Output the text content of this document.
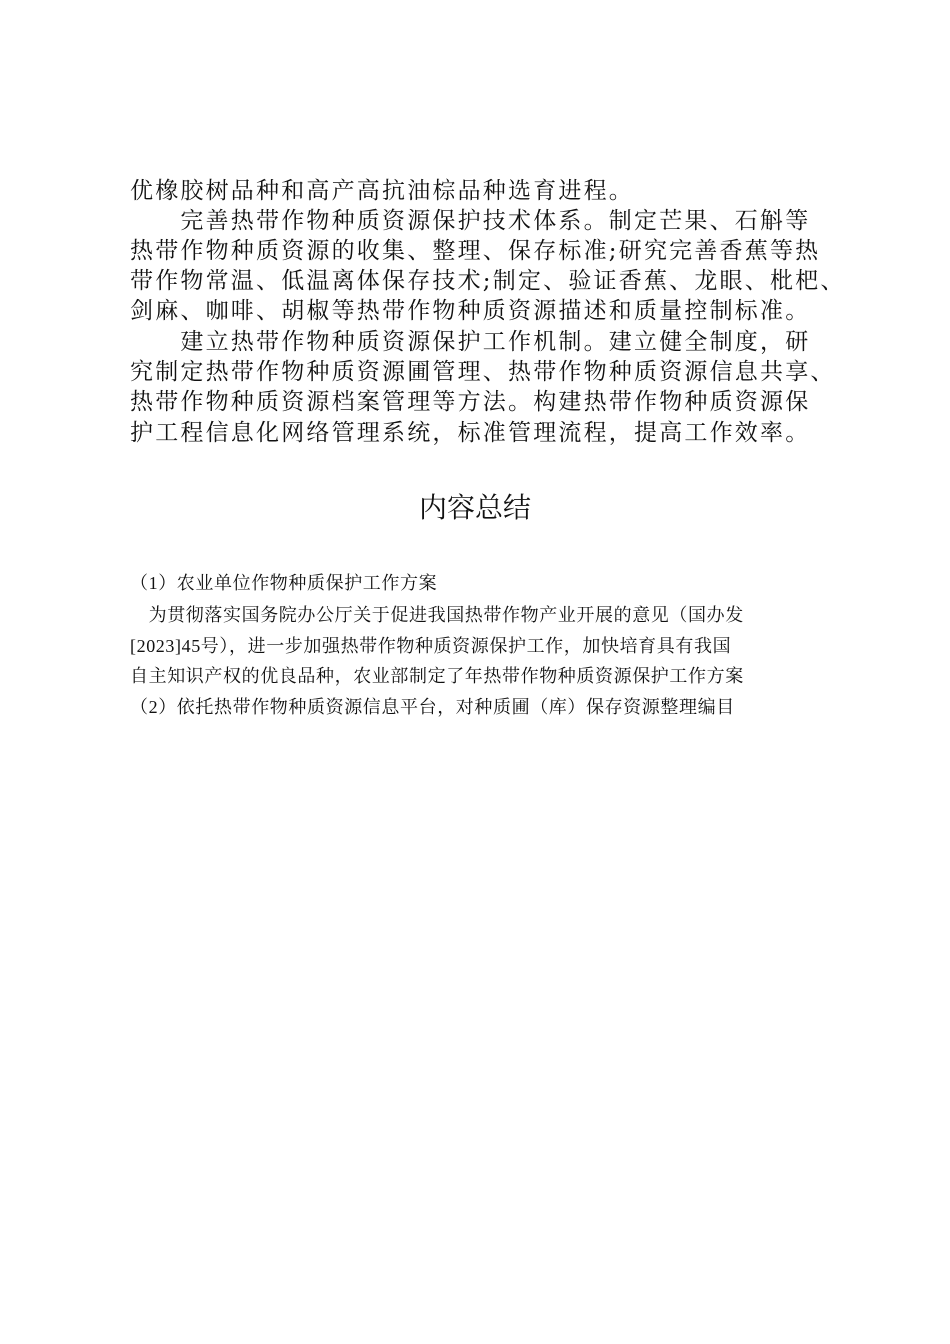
优橡胶树品种和高产高抗油棕品种选育进程。
　　完善热带作物种质资源保护技术体系。制定芒果、石斛等
热带作物种质资源的收集、整理、保存标准;研究完善香蕉等热
带作物常温、低温离体保存技术;制定、验证香蕉、龙眼、枇杷、
剑麻、咖啡、胡椒等热带作物种质资源描述和质量控制标准。
　　建立热带作物种质资源保护工作机制。建立健全制度，研
究制定热带作物种质资源圃管理、热带作物种质资源信息共享、
热带作物种质资源档案管理等方法。构建热带作物种质资源保
护工程信息化网络管理系统，标准管理流程，提高工作效率。
内容总结
（1）农业单位作物种质保护工作方案
　为贯彻落实国务院办公厅关于促进我国热带作物产业开展的意见（国办发
[2023]45号），进一步加强热带作物种质资源保护工作，加快培育具有我国
自主知识产权的优良品种，农业部制定了年热带作物种质资源保护工作方案
（2）依托热带作物种质资源信息平台，对种质圃（库）保存资源整理编目
